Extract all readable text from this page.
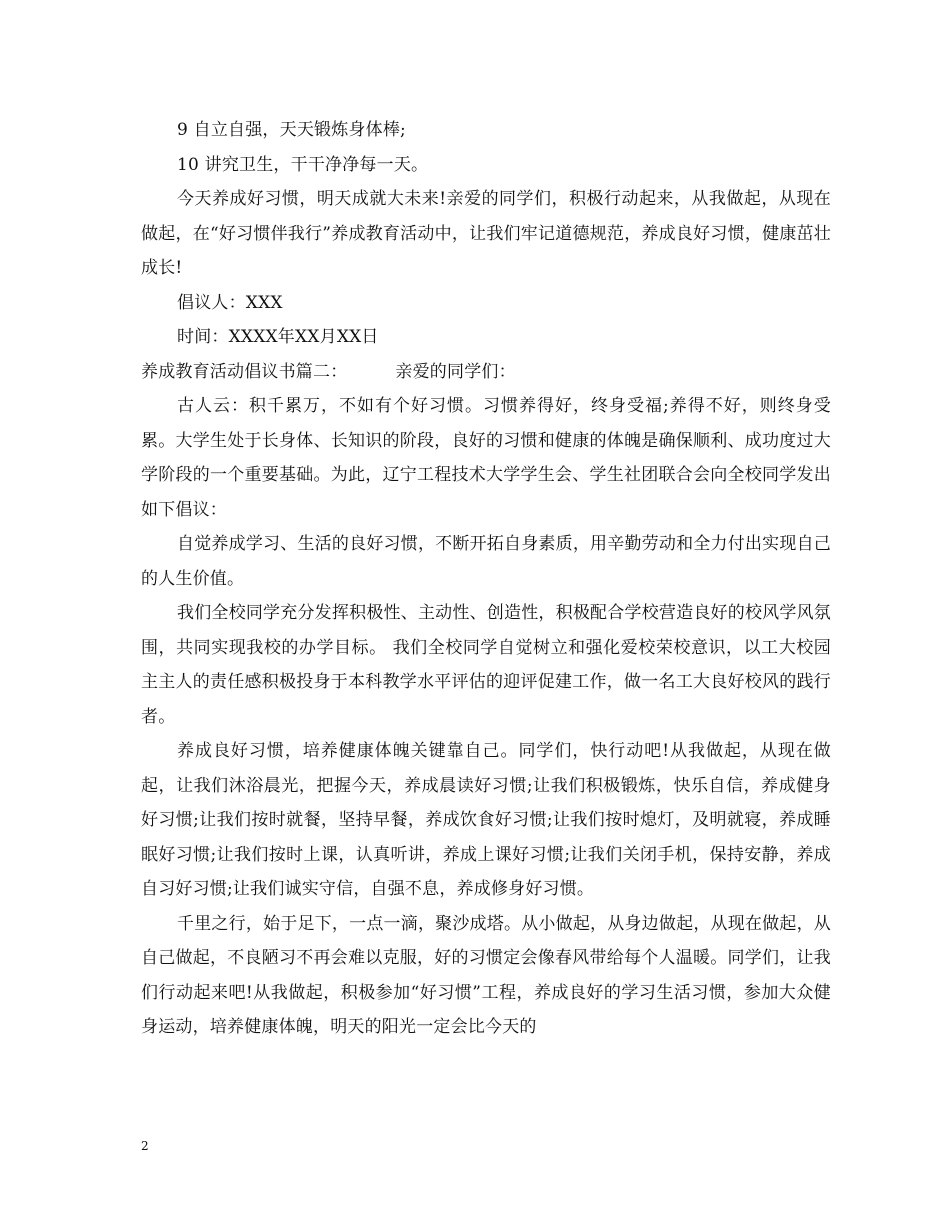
9 自立自强，天天锻炼身体棒;

10 讲究卫生，干干净净每一天。

今天养成好习惯，明天成就大未来!亲爱的同学们，积极行动起来，从我做起，从现在做起，在“好习惯伴我行”养成教育活动中，让我们牢记道德规范，养成良好习惯，健康茁壮成长!

倡议人：XXX

时间：XXXX年XX月XX日

养成教育活动倡议书篇二：	亲爱的同学们：

古人云：积千累万，不如有个好习惯。习惯养得好，终身受福;养得不好，则终身受累。大学生处于长身体、长知识的阶段，良好的习惯和健康的体魄是确保顺利、成功度过大学阶段的一个重要基础。为此，辽宁工程技术大学学生会、学生社团联合会向全校同学发出如下倡议：

自觉养成学习、生活的良好习惯，不断开拓自身素质，用辛勤劳动和全力付出实现自己的人生价值。

我们全校同学充分发挥积极性、主动性、创造性，积极配合学校营造良好的校风学风氛围，共同实现我校的办学目标。 我们全校同学自觉树立和强化爱校荣校意识，以工大校园主主人的责任感积极投身于本科教学水平评估的迎评促建工作，做一名工大良好校风的践行者。

养成良好习惯，培养健康体魄关键靠自己。同学们，快行动吧!从我做起，从现在做起，让我们沐浴晨光，把握今天，养成晨读好习惯;让我们积极锻炼，快乐自信，养成健身好习惯;让我们按时就餐，坚持早餐，养成饮食好习惯;让我们按时熄灯，及明就寝，养成睡眠好习惯;让我们按时上课，认真听讲，养成上课好习惯;让我们关闭手机，保持安静，养成自习好习惯;让我们诚实守信，自强不息，养成修身好习惯。

千里之行，始于足下，一点一滴，聚沙成塔。从小做起，从身边做起，从现在做起，从自己做起，不良陋习不再会难以克服，好的习惯定会像春风带给每个人温暖。同学们，让我们行动起来吧!从我做起，积极参加“好习惯”工程，养成良好的学习生活习惯，参加大众健身运动，培养健康体魄，明天的阳光一定会比今天的

2
